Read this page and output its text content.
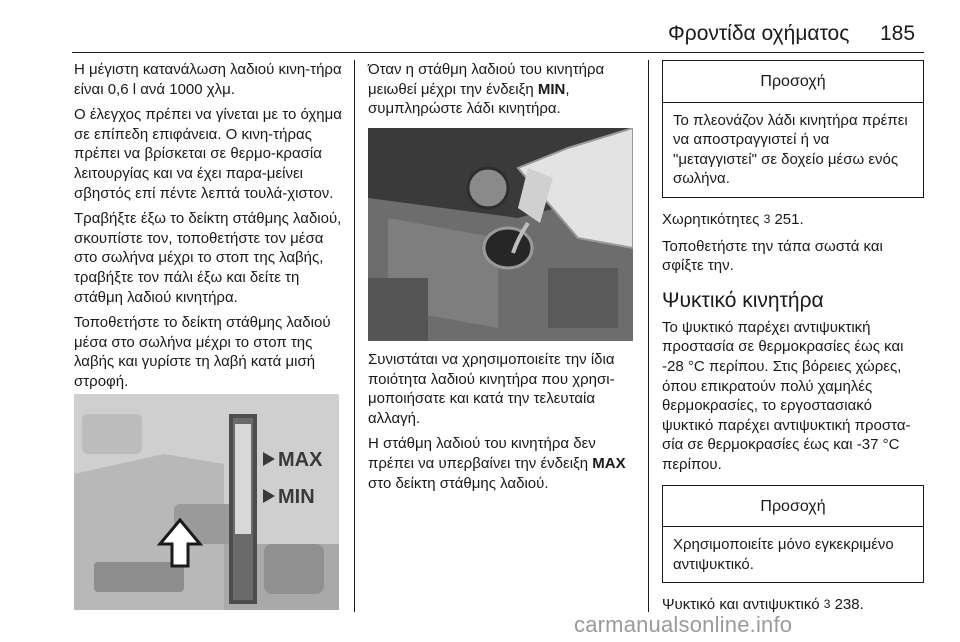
Φροντίδα οχήματος 185

Η μέγιστη κατανάλωση λαδιού κινη‐τήρα είναι 0,6 l ανά 1000 χλμ.

Ο έλεγχος πρέπει να γίνεται με το όχημα σε επίπεδη επιφάνεια. Ο κινη‐τήρας πρέπει να βρίσκεται σε θερμο‐κρασία λειτουργίας και να έχει παρα‐μείνει σβηστός επί πέντε λεπτά τουλά‐χιστον.

Τραβήξτε έξω το δείκτη στάθμης λαδιού, σκουπίστε τον, τοποθετήστε τον μέσα στο σωλήνα μέχρι το στοπ της λαβής, τραβήξτε τον πάλι έξω και δείτε τη στάθμη λαδιού κινητήρα.

Τοποθετήστε το δείκτη στάθμης λαδιού μέσα στο σωλήνα μέχρι το στοπ της λαβής και γυρίστε τη λαβή κατά μισή στροφή.

MAX
MIN

Όταν η στάθμη λαδιού του κινητήρα μειωθεί μέχρι την ένδειξη MIN, συμπληρώστε λάδι κινητήρα.

Συνιστάται να χρησιμοποιείτε την ίδια ποιότητα λαδιού κινητήρα που χρησι‐μοποιήσατε και κατά την τελευταία αλλαγή.

Η στάθμη λαδιού του κινητήρα δεν πρέπει να υπερβαίνει την ένδειξη MAX στο δείκτη στάθμης λαδιού.

Προσοχή
Το πλεονάζον λάδι κινητήρα πρέπει να αποστραγγιστεί ή να "μεταγγιστεί" σε δοχείο μέσω ενός σωλήνα.

Χωρητικότητες 3 251.

Τοποθετήστε την τάπα σωστά και σφίξτε την.

Ψυκτικό κινητήρα

Το ψυκτικό παρέχει αντιψυκτική προστασία σε θερμοκρασίες έως και -28 °C περίπου. Στις βόρειες χώρες, όπου επικρατούν πολύ χαμηλές θερμοκρασίες, το εργοστασιακό ψυκτικό παρέχει αντιψυκτική προστα‐σία σε θερμοκρασίες έως και -37 °C περίπου.

Προσοχή
Χρησιμοποιείτε μόνο εγκεκριμένο αντιψυκτικό.

Ψυκτικό και αντιψυκτικό 3 238.

carmanualsonline.info
